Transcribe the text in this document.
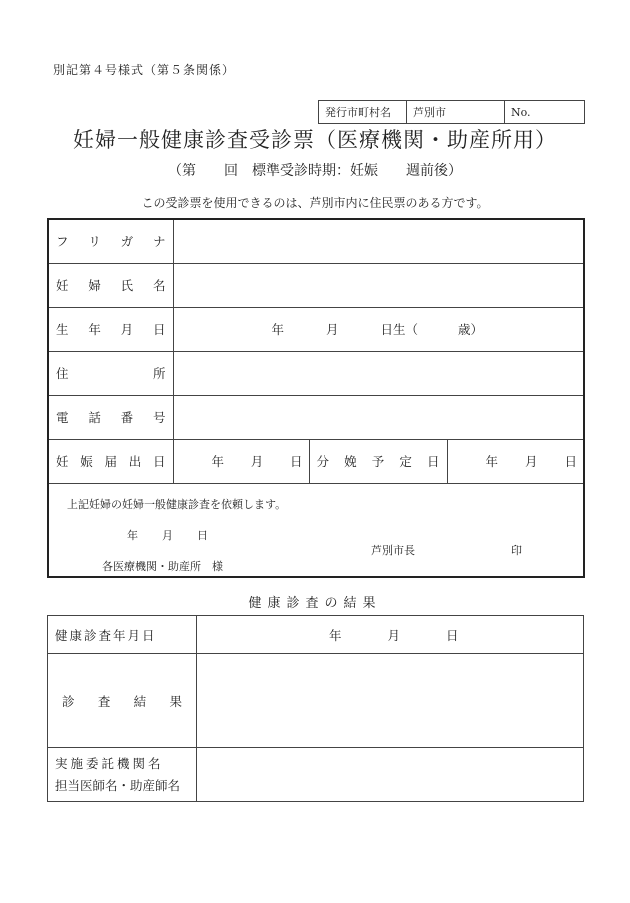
別記第４号様式（第５条関係）
発行市町村名	芦別市	No.
妊婦一般健康診査受診票（医療機関・助産所用）
（第　　回　標準受診時期：妊娠　　週前後）
この受診票を使用できるのは、芦別市内に住民票のある方です。
フ リ ガ ナ			

妊 婦 氏 名			

生 年 月 日	年 月 日生（ 歳）		

住 所			

電 話 番 号			

妊 娠 届 出 日	年 月 日	分 娩 予 定 日	年 月 日

上記妊婦の妊婦一般健康診査を依頼します。
年 月 日
芦別市長 印
各医療機関・助産所　様			
健康診査の結果
健康診査年月日	年 月 日

診 査 結 果	

実施委託機関名
担当医師名・助産師名	
